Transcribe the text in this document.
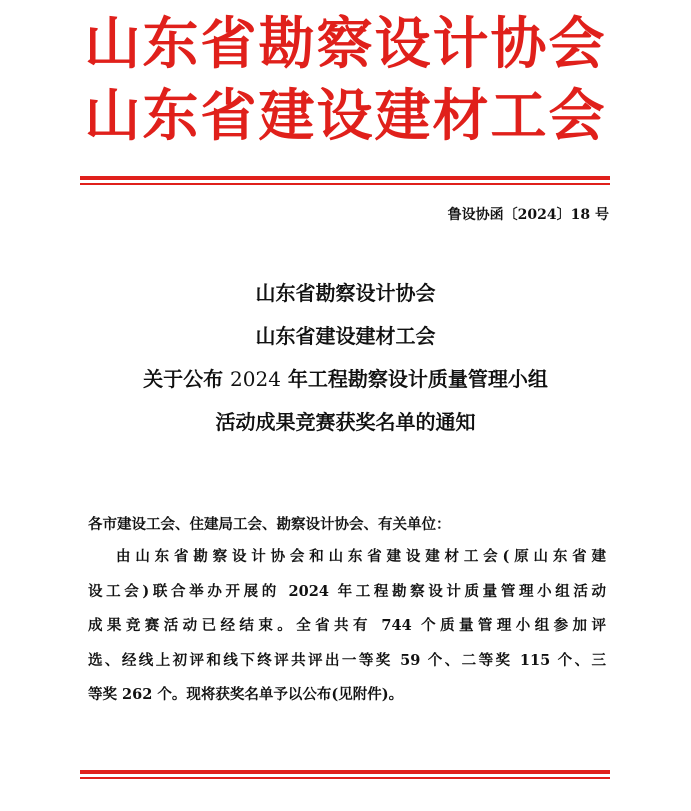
山东省勘察设计协会
山东省建设建材工会
鲁设协函〔2024〕18 号
山东省勘察设计协会
山东省建设建材工会
关于公布 2024 年工程勘察设计质量管理小组
活动成果竞赛获奖名单的通知
各市建设工会、住建局工会、勘察设计协会、有关单位：
由山东省勘察设计协会和山东省建设建材工会(原山东省建
设工会)联合举办开展的 2024 年工程勘察设计质量管理小组活动
成果竞赛活动已经结束。全省共有 744 个质量管理小组参加评
选、经线上初评和线下终评共评出一等奖 59 个、二等奖 115 个、三
等奖 262 个。现将获奖名单予以公布(见附件)。
